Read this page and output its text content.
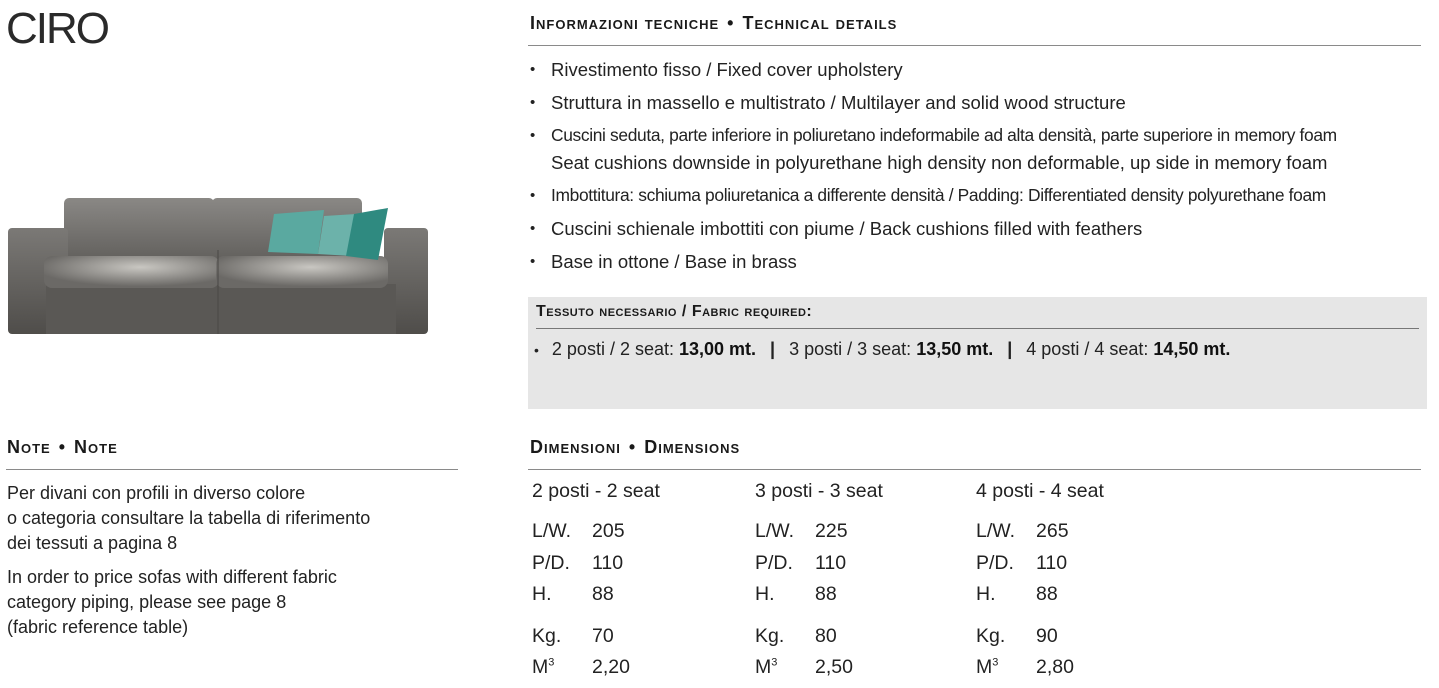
CIRO	Informazioni tecniche • Technical details
• Rivestimento fisso / Fixed cover upholstery
• Struttura in massello e multistrato / Multilayer and solid wood structure
• Cuscini seduta, parte inferiore in poliuretano indeformabile ad alta densità, parte superiore in memory foam
Seat cushions downside in polyurethane high density non deformable, up side in memory foam
• Imbottitura: schiuma poliuretanica a differente densità / Padding: Differentiated density polyurethane foam
• Cuscini schienale imbottiti con piume / Back cushions filled with feathers
• Base in ottone / Base in brass
Tessuto necessario / Fabric required:
• 2 posti / 2 seat: 13,00 mt. | 3 posti / 3 seat: 13,50 mt. | 4 posti / 4 seat: 14,50 mt.
Note • Note

Per divani con profili in diverso colore
o categoria consultare la tabella di riferimento
dei tessuti a pagina 8

In order to price sofas with different fabric
category piping, please see page 8
(fabric reference table)

Dimensioni • Dimensions
2 posti - 2 seat
L/W.	205
P/D.	110
H.	88
Kg.	70
$M^3$	2,20
3 posti - 3 seat
L/W.	225
P/D.	110
H.	88
Kg.	80
$M^3$	2,50
4 posti - 4 seat
L/W.	265
P/D.	110
H.	88
Kg.	90
$M^3$	2,80
